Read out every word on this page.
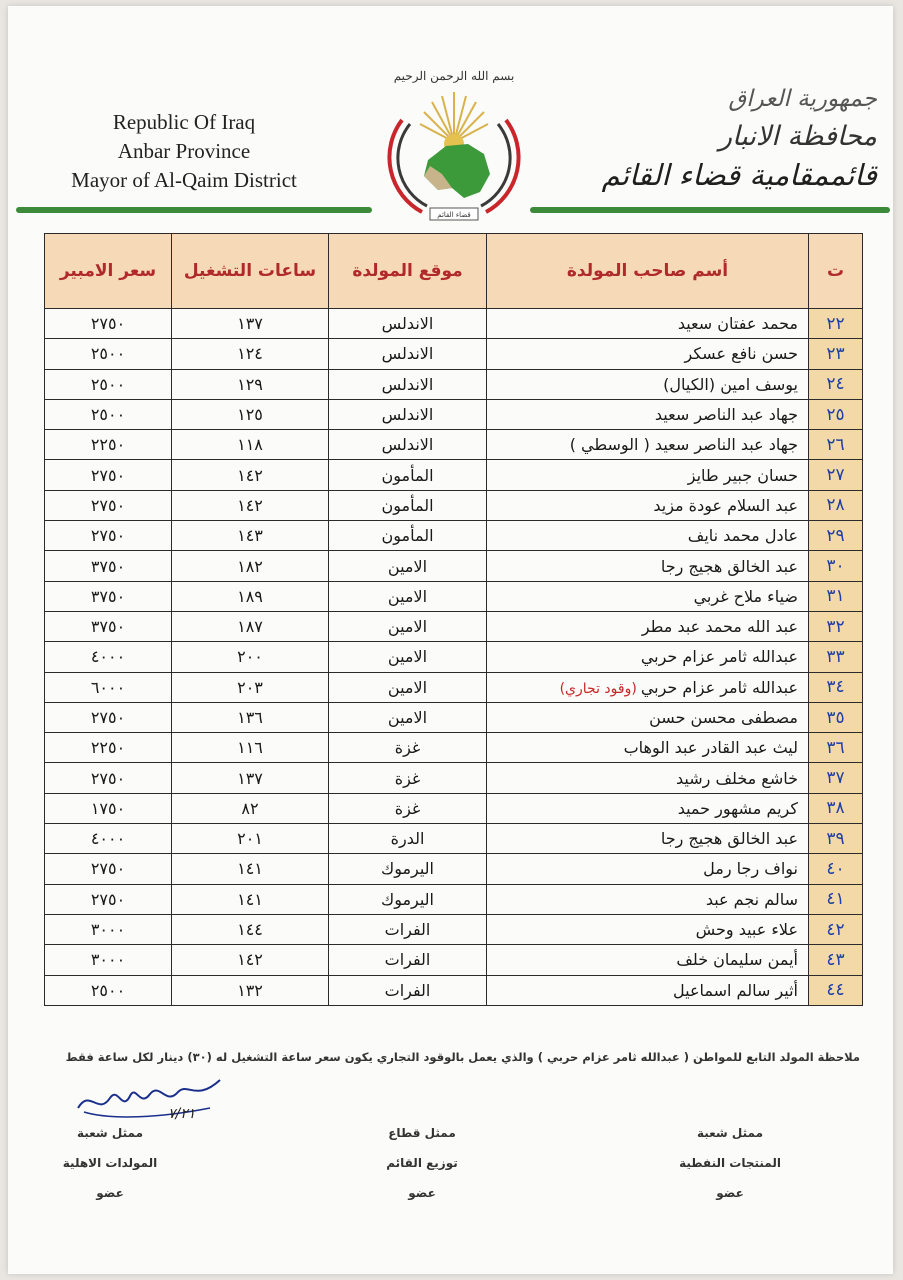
Republic Of Iraq
Anbar Province
Mayor of Al-Qaim District
جمهورية العراق
محافظة الانبار
قائممقامية قضاء القائم
بسم الله الرحمن الرحيم
قضاء القائم
ت	أسم صاحب المولدة	موقع المولدة	ساعات التشغيل	سعر الامبير
٢٢	محمد عفتان سعيد	الاندلس	١٣٧	٢٧٥٠
٢٣	حسن نافع عسكر	الاندلس	١٢٤	٢٥٠٠
٢٤	يوسف امين (الكيال)	الاندلس	١٢٩	٢٥٠٠
٢٥	جهاد عبد الناصر سعيد	الاندلس	١٢٥	٢٥٠٠
٢٦	جهاد عبد الناصر سعيد ( الوسطي )	الاندلس	١١٨	٢٢٥٠
٢٧	حسان جبير طايز	المأمون	١٤٢	٢٧٥٠
٢٨	عبد السلام عودة مزيد	المأمون	١٤٢	٢٧٥٠
٢٩	عادل محمد نايف	المأمون	١٤٣	٢٧٥٠
٣٠	عبد الخالق هجيج رجا	الامين	١٨٢	٣٧٥٠
٣١	ضياء ملاح غربي	الامين	١٨٩	٣٧٥٠
٣٢	عبد الله محمد عبد مطر	الامين	١٨٧	٣٧٥٠
٣٣	عبدالله ثامر عزام حربي	الامين	٢٠٠	٤٠٠٠
٣٤	عبدالله ثامر عزام حربي(وقود تجاري)	الامين	٢٠٣	٦٠٠٠
٣٥	مصطفى محسن حسن	الامين	١٣٦	٢٧٥٠
٣٦	ليث عبد القادر عبد الوهاب	غزة	١١٦	٢٢٥٠
٣٧	خاشع مخلف رشيد	غزة	١٣٧	٢٧٥٠
٣٨	كريم مشهور حميد	غزة	٨٢	١٧٥٠
٣٩	عبد الخالق هجيج رجا	الدرة	٢٠١	٤٠٠٠
٤٠	نواف رجا رمل	اليرموك	١٤١	٢٧٥٠
٤١	سالم نجم عبد	اليرموك	١٤١	٢٧٥٠
٤٢	علاء عبيد وحش	الفرات	١٤٤	٣٠٠٠
٤٣	أيمن سليمان خلف	الفرات	١٤٢	٣٠٠٠
٤٤	أثير سالم اسماعيل	الفرات	١٣٢	٢٥٠٠
ملاحظة المولد التابع للمواطن ( عبدالله ثامر عزام حربي ) والذي يعمل بالوقود التجاري يكون سعر ساعة التشغيل له (٣٠) دينار لكل ساعة فقط
٧/٢١
ممثل شعبة
المنتجات النفطية
عضو
ممثل قطاع
توزيع القائم
عضو
ممثل شعبة
المولدات الاهلية
عضو
